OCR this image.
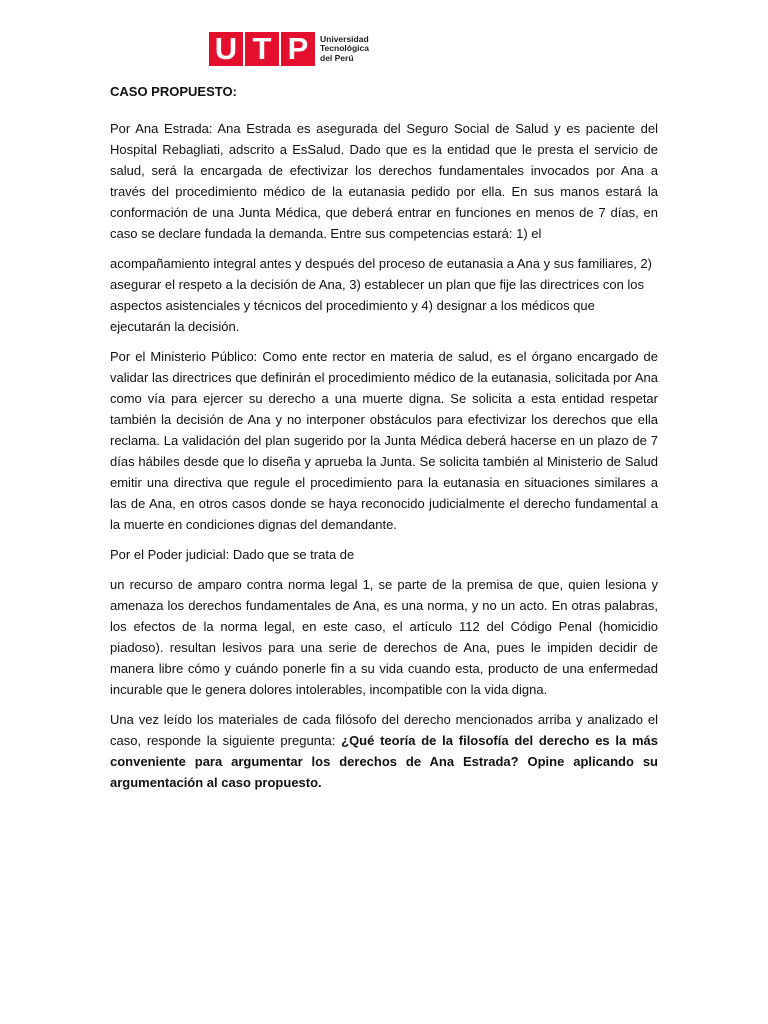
U T P	Universidad
Tecnológica
del Perú
CASO PROPUESTO:

Por Ana Estrada: Ana Estrada es asegurada del Seguro Social de Salud y es paciente del Hospital Rebagliati, adscrito a EsSalud. Dado que es la entidad que le presta el servicio de salud, será la encargada de efectivizar los derechos fundamentales invocados por Ana a través del procedimiento médico de la eutanasia pedido por ella. En sus manos estará la conformación de una Junta Médica, que deberá entrar en funciones en menos de 7 días, en caso se declare fundada la demanda. Entre sus competencias estará: 1) el

acompañamiento integral antes y después del proceso de eutanasia a Ana y sus familiares, 2) asegurar el respeto a la decisión de Ana, 3) establecer un plan que fije las directrices con los aspectos asistenciales y técnicos del procedimiento y 4) designar a los médicos que ejecutarán la decisión.

Por el Ministerio Público: Como ente rector en materia de salud, es el órgano encargado de validar las directrices que definirán el procedimiento médico de la eutanasia, solicitada por Ana como vía para ejercer su derecho a una muerte digna. Se solicita a esta entidad respetar también la decisión de Ana y no interponer obstáculos para efectivizar los derechos que ella reclama. La validación del plan sugerido por la Junta Médica deberá hacerse en un plazo de 7 días hábiles desde que lo diseña y aprueba la Junta. Se solicita también al Ministerio de Salud emitir una directiva que regule el procedimiento para la eutanasia en situaciones similares a las de Ana, en otros casos donde se haya reconocido judicialmente el derecho fundamental a la muerte en condiciones dignas del demandante.

Por el Poder judicial: Dado que se trata de

un recurso de amparo contra norma legal 1, se parte de la premisa de que, quien lesiona y amenaza los derechos fundamentales de Ana, es una norma, y no un acto. En otras palabras, los efectos de la norma legal, en este caso, el artículo 112 del Código Penal (homicidio piadoso). resultan lesivos para una serie de derechos de Ana, pues le impiden decidir de manera libre cómo y cuándo ponerle fin a su vida cuando esta, producto de una enfermedad incurable que le genera dolores intolerables, incompatible con la vida digna.

Una vez leído los materiales de cada filósofo del derecho mencionados arriba y analizado el caso, responde la siguiente pregunta: ¿Qué teoría de la filosofía del derecho es la más conveniente para argumentar los derechos de Ana Estrada? Opine aplicando su argumentación al caso propuesto.
